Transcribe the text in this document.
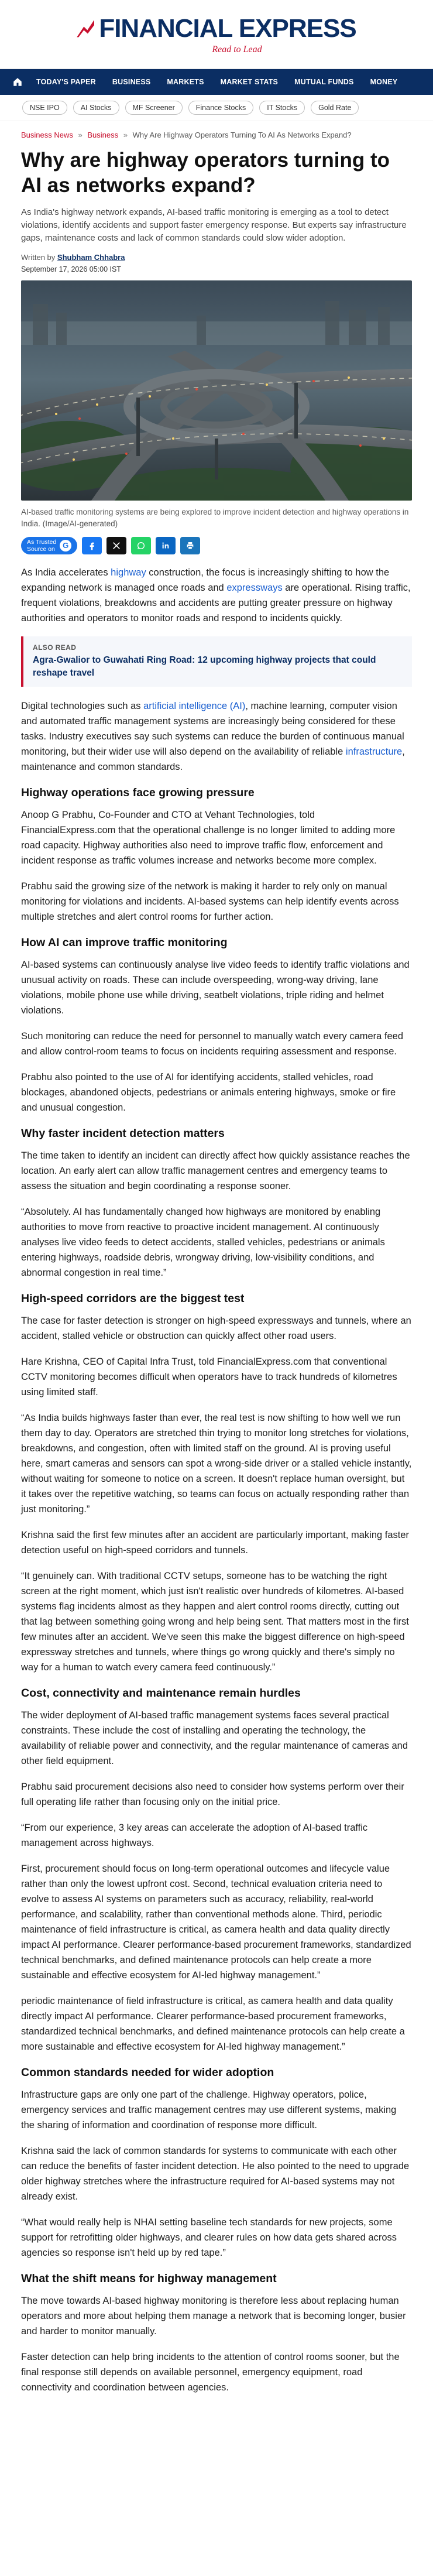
FINANCIAL EXPRESS
Read to Lead
TODAY'S PAPER	BUSINESS	MARKETS	MARKET STATS	MUTUAL FUNDS	MONEY
NSE IPO	AI Stocks	MF Screener	Finance Stocks	IT Stocks	Gold Rate
Business News » Business » Why Are Highway Operators Turning To AI As Networks Expand?
Why are highway operators turning to AI as networks expand?

As India's highway network expands, AI-based traffic monitoring is emerging as a tool to detect violations, identify accidents and support faster emergency response. But experts say infrastructure gaps, maintenance costs and lack of common standards could slow wider adoption.

Written by Shubham Chhabra
September 17, 2026 05:00 IST

AI-based traffic monitoring systems are being explored to improve incident detection and highway operations in India. (Image/AI-generated)

As Trusted
Source on	G

As India accelerates highway construction, the focus is increasingly shifting to how the expanding network is managed once roads and expressways are operational. Rising traffic, frequent violations, breakdowns and accidents are putting greater pressure on highway authorities and operators to monitor roads and respond to incidents quickly.

ALSO READ
Agra-Gwalior to Guwahati Ring Road: 12 upcoming highway projects that could reshape travel

Digital technologies such as artificial intelligence (AI), machine learning, computer vision and automated traffic management systems are increasingly being considered for these tasks. Industry executives say such systems can reduce the burden of continuous manual monitoring, but their wider use will also depend on the availability of reliable infrastructure, maintenance and common standards.

Highway operations face growing pressure

Anoop G Prabhu, Co-Founder and CTO at Vehant Technologies, told FinancialExpress.com that the operational challenge is no longer limited to adding more road capacity. Highway authorities also need to improve traffic flow, enforcement and incident response as traffic volumes increase and networks become more complex.

Prabhu said the growing size of the network is making it harder to rely only on manual monitoring for violations and incidents. AI-based systems can help identify events across multiple stretches and alert control rooms for further action.

How AI can improve traffic monitoring

AI-based systems can continuously analyse live video feeds to identify traffic violations and unusual activity on roads. These can include overspeeding, wrong-way driving, lane violations, mobile phone use while driving, seatbelt violations, triple riding and helmet violations.

Such monitoring can reduce the need for personnel to manually watch every camera feed and allow control-room teams to focus on incidents requiring assessment and response.

Prabhu also pointed to the use of AI for identifying accidents, stalled vehicles, road blockages, abandoned objects, pedestrians or animals entering highways, smoke or fire and unusual congestion.

Why faster incident detection matters

The time taken to identify an incident can directly affect how quickly assistance reaches the location. An early alert can allow traffic management centres and emergency teams to assess the situation and begin coordinating a response sooner.

“Absolutely. AI has fundamentally changed how highways are monitored by enabling authorities to move from reactive to proactive incident management. AI continuously analyses live video feeds to detect accidents, stalled vehicles, pedestrians or animals entering highways, roadside debris, wrongway driving, low-visibility conditions, and abnormal congestion in real time.”

High-speed corridors are the biggest test

The case for faster detection is stronger on high-speed expressways and tunnels, where an accident, stalled vehicle or obstruction can quickly affect other road users.

Hare Krishna, CEO of Capital Infra Trust, told FinancialExpress.com that conventional CCTV monitoring becomes difficult when operators have to track hundreds of kilometres using limited staff.

“As India builds highways faster than ever, the real test is now shifting to how well we run them day to day. Operators are stretched thin trying to monitor long stretches for violations, breakdowns, and congestion, often with limited staff on the ground. AI is proving useful here, smart cameras and sensors can spot a wrong-side driver or a stalled vehicle instantly, without waiting for someone to notice on a screen. It doesn't replace human oversight, but it takes over the repetitive watching, so teams can focus on actually responding rather than just monitoring.”

Krishna said the first few minutes after an accident are particularly important, making faster detection useful on high-speed corridors and tunnels.

“It genuinely can. With traditional CCTV setups, someone has to be watching the right screen at the right moment, which just isn't realistic over hundreds of kilometres. AI-based systems flag incidents almost as they happen and alert control rooms directly, cutting out that lag between something going wrong and help being sent. That matters most in the first few minutes after an accident. We've seen this make the biggest difference on high-speed expressway stretches and tunnels, where things go wrong quickly and there's simply no way for a human to watch every camera feed continuously.”

Cost, connectivity and maintenance remain hurdles

The wider deployment of AI-based traffic management systems faces several practical constraints. These include the cost of installing and operating the technology, the availability of reliable power and connectivity, and the regular maintenance of cameras and other field equipment.

Prabhu said procurement decisions also need to consider how systems perform over their full operating life rather than focusing only on the initial price.

“From our experience, 3 key areas can accelerate the adoption of AI-based traffic management across highways.

First, procurement should focus on long-term operational outcomes and lifecycle value rather than only the lowest upfront cost. Second, technical evaluation criteria need to evolve to assess AI systems on parameters such as accuracy, reliability, real-world performance, and scalability, rather than conventional methods alone. Third, periodic maintenance of field infrastructure is critical, as camera health and data quality directly impact AI performance. Clearer performance-based procurement frameworks, standardized technical benchmarks, and defined maintenance protocols can help create a more sustainable and effective ecosystem for AI-led highway management.”

periodic maintenance of field infrastructure is critical, as camera health and data quality directly impact AI performance. Clearer performance-based procurement frameworks, standardized technical benchmarks, and defined maintenance protocols can help create a more sustainable and effective ecosystem for AI-led highway management.”

Common standards needed for wider adoption

Infrastructure gaps are only one part of the challenge. Highway operators, police, emergency services and traffic management centres may use different systems, making the sharing of information and coordination of response more difficult.

Krishna said the lack of common standards for systems to communicate with each other can reduce the benefits of faster incident detection. He also pointed to the need to upgrade older highway stretches where the infrastructure required for AI-based systems may not already exist.

“What would really help is NHAI setting baseline tech standards for new projects, some support for retrofitting older highways, and clearer rules on how data gets shared across agencies so response isn't held up by red tape.”

What the shift means for highway management

The move towards AI-based highway monitoring is therefore less about replacing human operators and more about helping them manage a network that is becoming longer, busier and harder to monitor manually.

Faster detection can help bring incidents to the attention of control rooms sooner, but the final response still depends on available personnel, emergency equipment, road connectivity and coordination between agencies.
